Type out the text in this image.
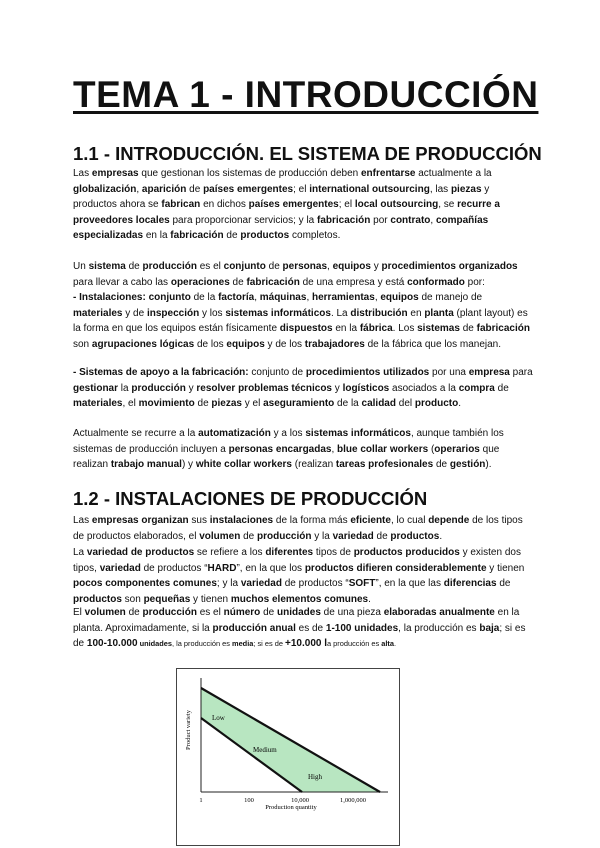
TEMA 1 - INTRODUCCIÓN
1.1 - INTRODUCCIÓN. EL SISTEMA DE PRODUCCIÓN

Las empresas que gestionan los sistemas de producción deben enfrentarse actualmente a la globalización, aparición de países emergentes; el international outsourcing, las piezas y productos ahora se fabrican en dichos países emergentes; el local outsourcing, se recurre a proveedores locales para proporcionar servicios; y la fabricación por contrato, compañías especializadas en la fabricación de productos completos.

Un sistema de producción es el conjunto de personas, equipos y procedimientos organizados para llevar a cabo las operaciones de fabricación de una empresa y está conformado por:

- Instalaciones: conjunto de la factoría, máquinas, herramientas, equipos de manejo de materiales y de inspección y los sistemas informáticos. La distribución en planta (plant layout) es la forma en que los equipos están físicamente dispuestos en la fábrica. Los sistemas de fabricación son agrupaciones lógicas de los equipos y de los trabajadores de la fábrica que los manejan.

- Sistemas de apoyo a la fabricación: conjunto de procedimientos utilizados por una empresa para gestionar la producción y resolver problemas técnicos y logísticos asociados a la compra de materiales, el movimiento de piezas y el aseguramiento de la calidad del producto.

Actualmente se recurre a la automatización y a los sistemas informáticos, aunque también los sistemas de producción incluyen a personas encargadas, blue collar workers (operarios que realizan trabajo manual) y white collar workers (realizan tareas profesionales de gestión).

1.2 - INSTALACIONES DE PRODUCCIÓN

Las empresas organizan sus instalaciones de la forma más eficiente, lo cual depende de los tipos de productos elaborados, el volumen de producción y la variedad de productos.

La variedad de productos se refiere a los diferentes tipos de productos producidos y existen dos tipos, variedad de productos “HARD”, en la que los productos difieren considerablemente y tienen pocos componentes comunes; y la variedad de productos “SOFT”, en la que las diferencias de productos son pequeñas y tienen muchos elementos comunes.

El volumen de producción es el número de unidades de una pieza elaboradas anualmente en la planta. Aproximadamente, si la producción anual es de 1-100 unidades, la producción es baja; si es de 100-10.000 unidades, la producción es media; si es de +10.000 la producción es alta.

Low
Medium
High
1	100	10,000	1,000,000
Production quantity
Product variety
